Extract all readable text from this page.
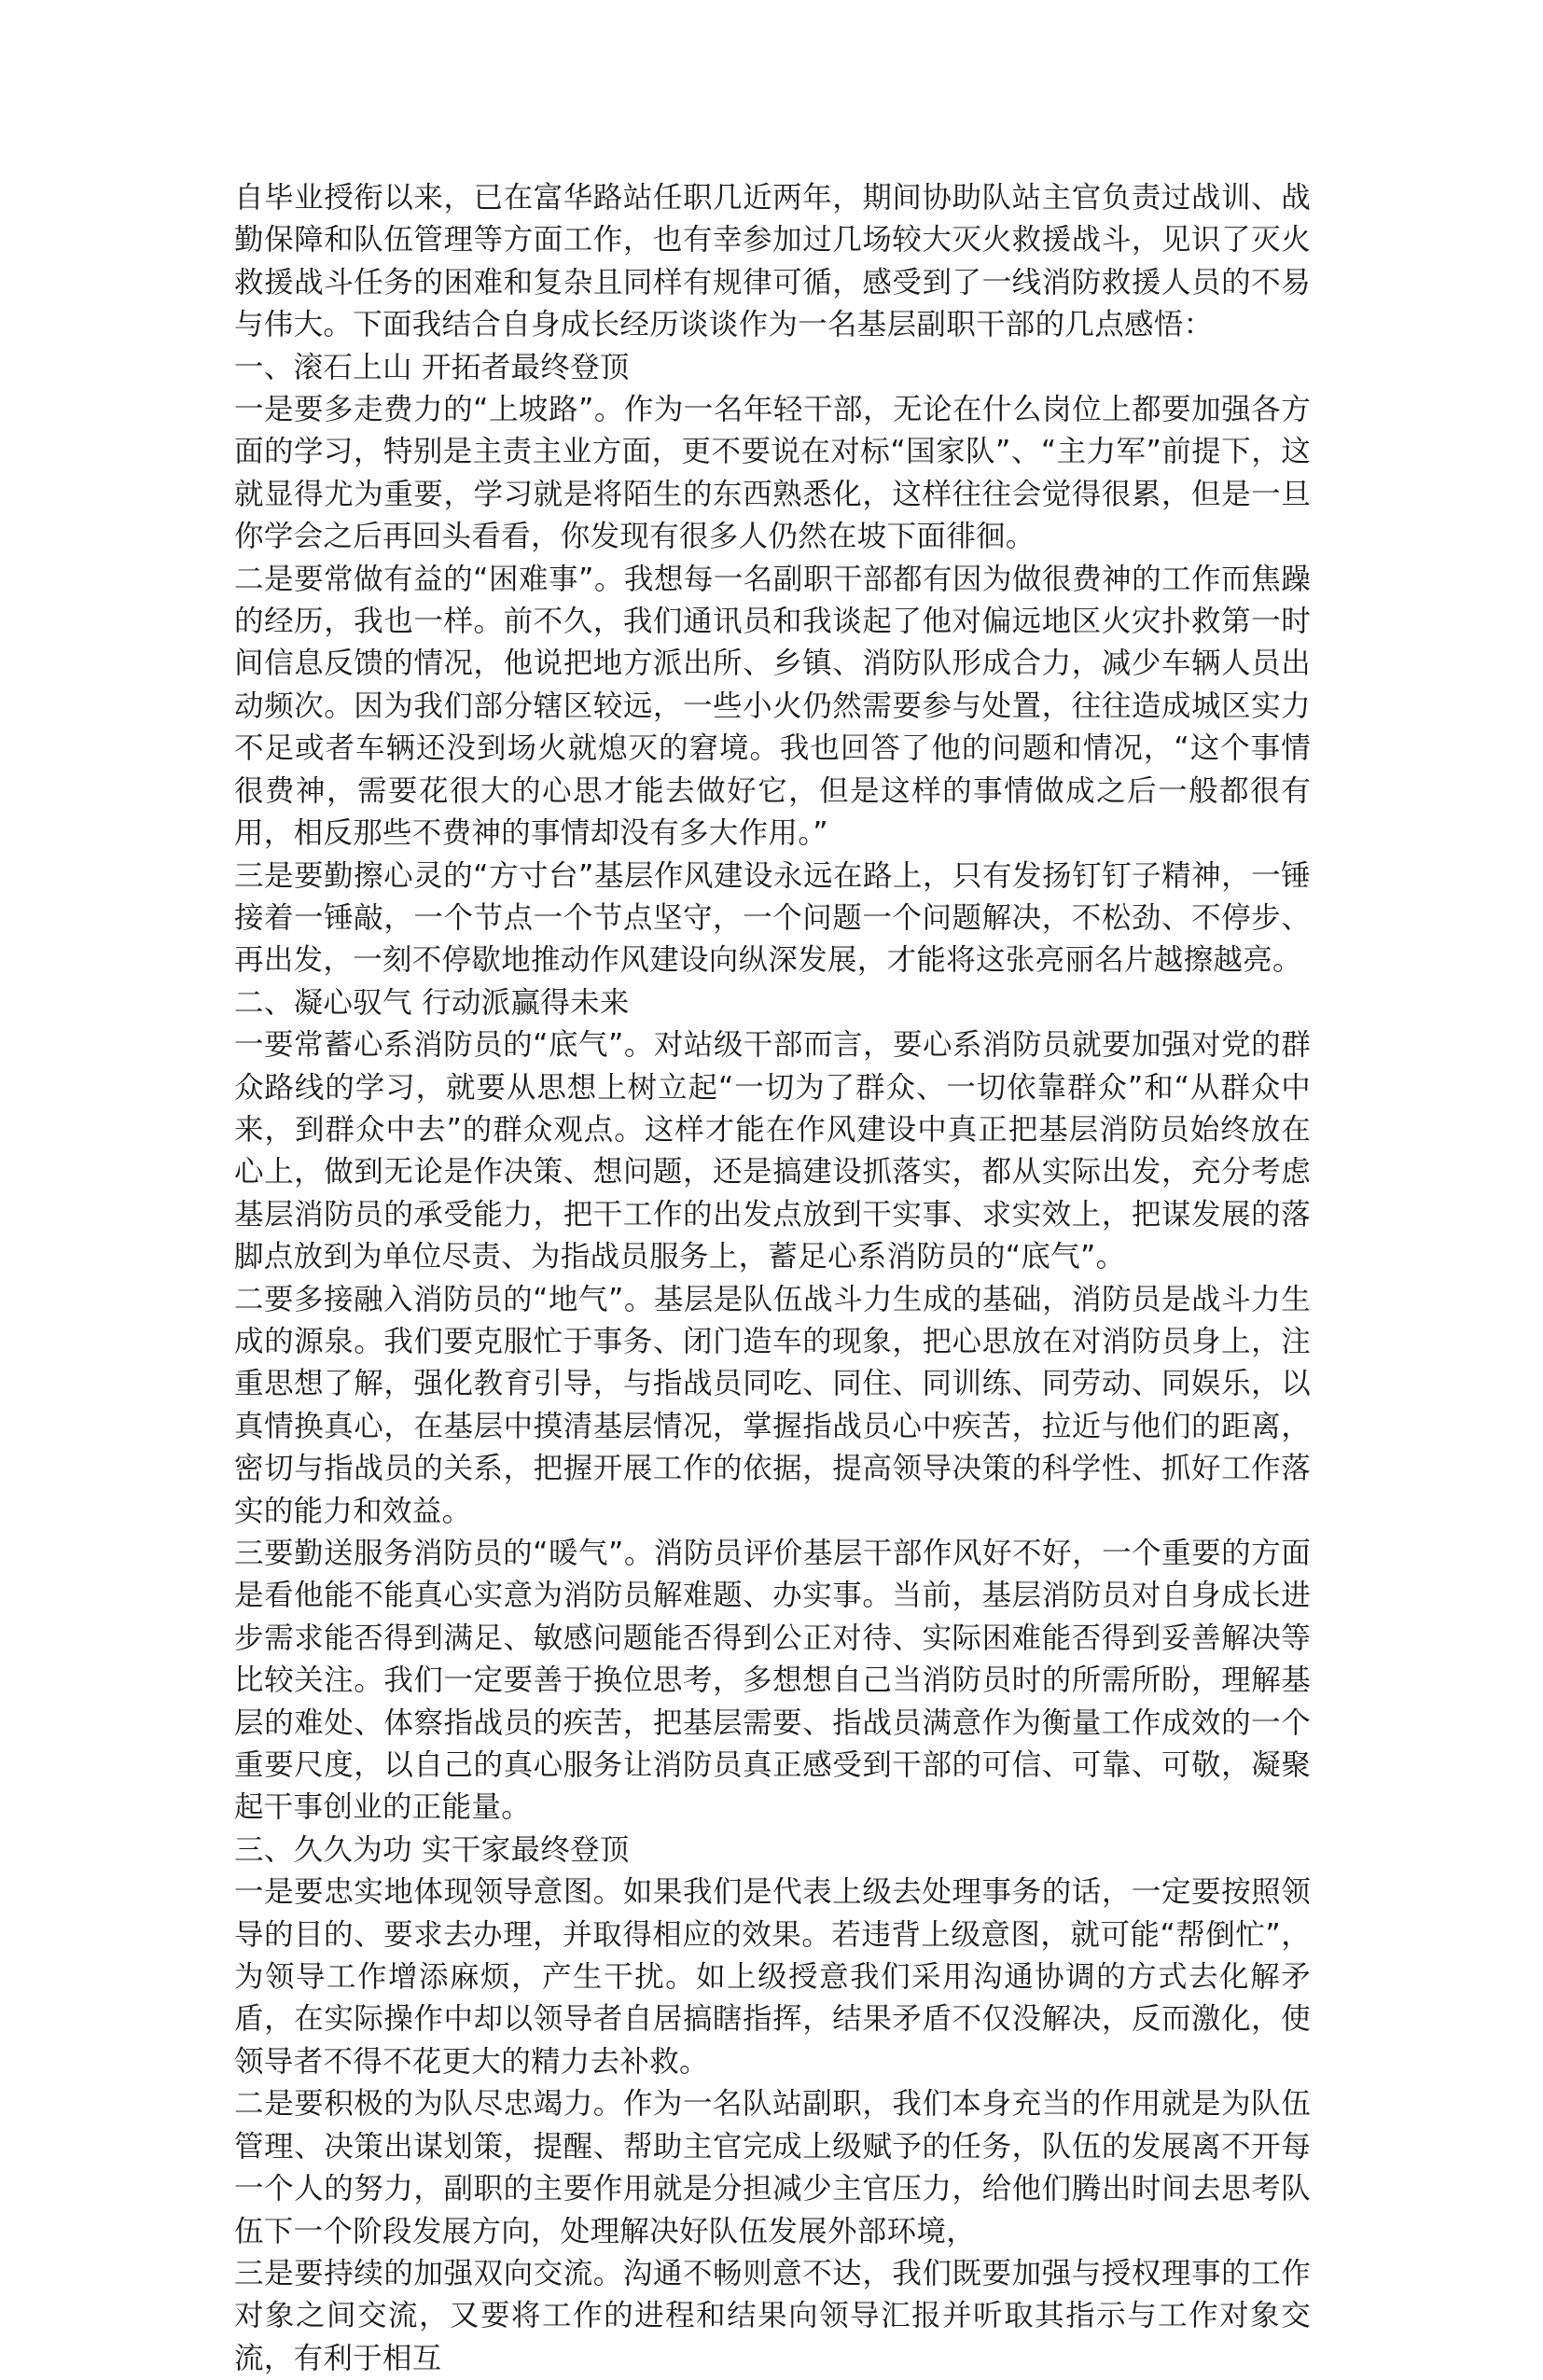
自毕业授衔以来，已在富华路站任职几近两年，期间协助队站主官负责过战训、战勤保障和队伍管理等方面工作，也有幸参加过几场较大灭火救援战斗，见识了灭火救援战斗任务的困难和复杂且同样有规律可循，感受到了一线消防救援人员的不易与伟大。下面我结合自身成长经历谈谈作为一名基层副职干部的几点感悟：

一、滚石上山 开拓者最终登顶

一是要多走费力的“上坡路”。作为一名年轻干部，无论在什么岗位上都要加强各方面的学习，特别是主责主业方面，更不要说在对标“国家队”、“主力军”前提下，这就显得尤为重要，学习就是将陌生的东西熟悉化，这样往往会觉得很累，但是一旦你学会之后再回头看看，你发现有很多人仍然在坡下面徘徊。

二是要常做有益的“困难事”。我想每一名副职干部都有因为做很费神的工作而焦躁的经历，我也一样。前不久，我们通讯员和我谈起了他对偏远地区火灾扑救第一时间信息反馈的情况，他说把地方派出所、乡镇、消防队形成合力，减少车辆人员出动频次。因为我们部分辖区较远，一些小火仍然需要参与处置，往往造成城区实力不足或者车辆还没到场火就熄灭的窘境。我也回答了他的问题和情况，“这个事情很费神，需要花很大的心思才能去做好它，但是这样的事情做成之后一般都很有用，相反那些不费神的事情却没有多大作用。”

三是要勤擦心灵的“方寸台”基层作风建设永远在路上，只有发扬钉钉子精神，一锤接着一锤敲，一个节点一个节点坚守，一个问题一个问题解决，不松劲、不停步、再出发，一刻不停歇地推动作风建设向纵深发展，才能将这张亮丽名片越擦越亮。

二、凝心驭气 行动派赢得未来

一要常蓄心系消防员的“底气”。对站级干部而言，要心系消防员就要加强对党的群众路线的学习，就要从思想上树立起“一切为了群众、一切依靠群众”和“从群众中来，到群众中去”的群众观点。这样才能在作风建设中真正把基层消防员始终放在心上，做到无论是作决策、想问题，还是搞建设抓落实，都从实际出发，充分考虑基层消防员的承受能力，把干工作的出发点放到干实事、求实效上，把谋发展的落脚点放到为单位尽责、为指战员服务上，蓄足心系消防员的“底气”。

二要多接融入消防员的“地气”。基层是队伍战斗力生成的基础，消防员是战斗力生成的源泉。我们要克服忙于事务、闭门造车的现象，把心思放在对消防员身上，注重思想了解，强化教育引导，与指战员同吃、同住、同训练、同劳动、同娱乐，以真情换真心，在基层中摸清基层情况，掌握指战员心中疾苦，拉近与他们的距离，密切与指战员的关系，把握开展工作的依据，提高领导决策的科学性、抓好工作落实的能力和效益。

三要勤送服务消防员的“暖气”。消防员评价基层干部作风好不好，一个重要的方面是看他能不能真心实意为消防员解难题、办实事。当前，基层消防员对自身成长进步需求能否得到满足、敏感问题能否得到公正对待、实际困难能否得到妥善解决等比较关注。我们一定要善于换位思考，多想想自己当消防员时的所需所盼，理解基层的难处、体察指战员的疾苦，把基层需要、指战员满意作为衡量工作成效的一个重要尺度，以自己的真心服务让消防员真正感受到干部的可信、可靠、可敬，凝聚起干事创业的正能量。

三、久久为功 实干家最终登顶

一是要忠实地体现领导意图。如果我们是代表上级去处理事务的话，一定要按照领导的目的、要求去办理，并取得相应的效果。若违背上级意图，就可能“帮倒忙”，为领导工作增添麻烦，产生干扰。如上级授意我们采用沟通协调的方式去化解矛盾，在实际操作中却以领导者自居搞瞎指挥，结果矛盾不仅没解决，反而激化，使领导者不得不花更大的精力去补救。

二是要积极的为队尽忠竭力。作为一名队站副职，我们本身充当的作用就是为队伍管理、决策出谋划策，提醒、帮助主官完成上级赋予的任务，队伍的发展离不开每一个人的努力，副职的主要作用就是分担减少主官压力，给他们腾出时间去思考队伍下一个阶段发展方向，处理解决好队伍发展外部环境，

三是要持续的加强双向交流。沟通不畅则意不达，我们既要加强与授权理事的工作对象之间交流，又要将工作的进程和结果向领导汇报并听取其指示与工作对象交流，有利于相互
